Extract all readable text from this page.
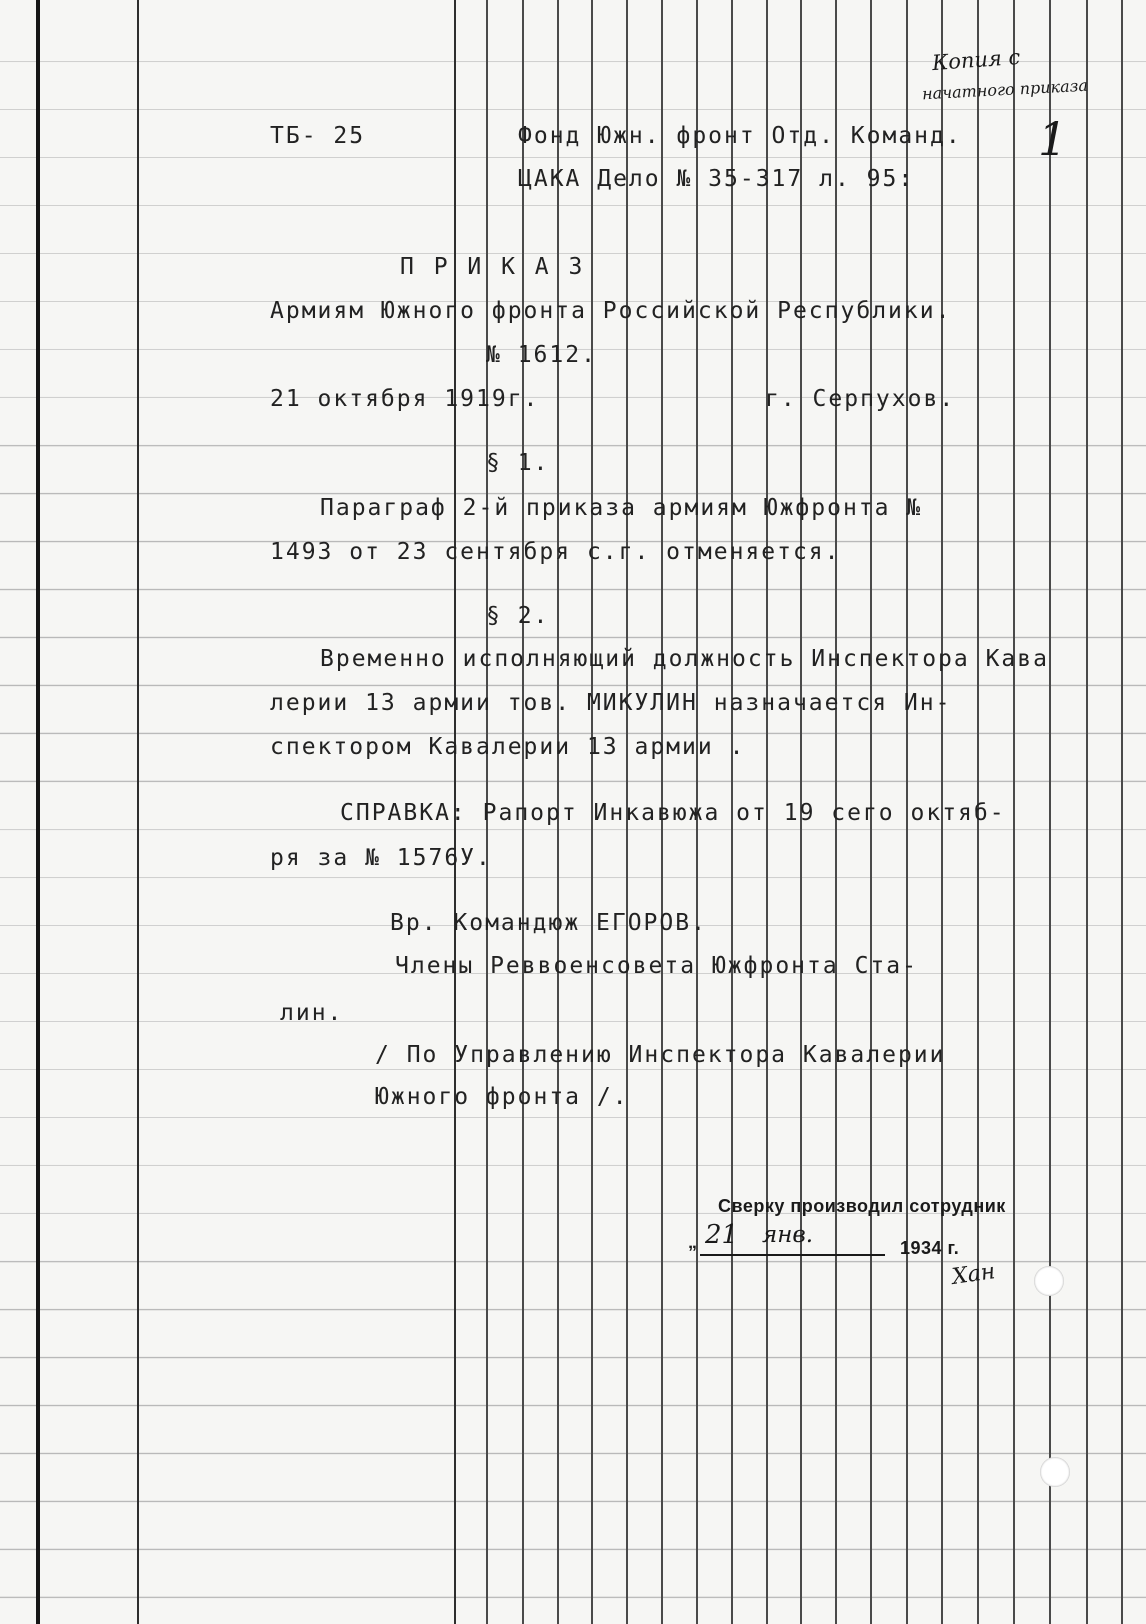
ТБ- 25	Фонд Южн. фронт Отд. Команд.
ЦАКА Дело № 35-317 л. 95:
Копия с
начатного приказа
1
П Р И К А З
Армиям Южного фронта Российской Республики.
№ 1612.
21 октября 1919г.	г. Серпухов.
§ 1.
Параграф 2-й приказа армиям Южфронта №
1493 от 23 сентября с.г. отменяется.
§ 2.
Временно исполняющий должность Инспектора Кава
лерии 13 армии тов. МИКУЛИН назначается Ин-
спектором Кавалерии 13 армии .
СПРАВКА: Рапорт Инкавюжа от 19 сего октяб-
ря за № 1576У.
Вр. Командюж ЕГОРОВ.
Члены Реввоенсовета Южфронта Ста-
лин.
/ По Управлению Инспектора Кавалерии
Южного фронта /.
Сверку производил сотрудник
„ 21 янв.	1934 г.
Хан
